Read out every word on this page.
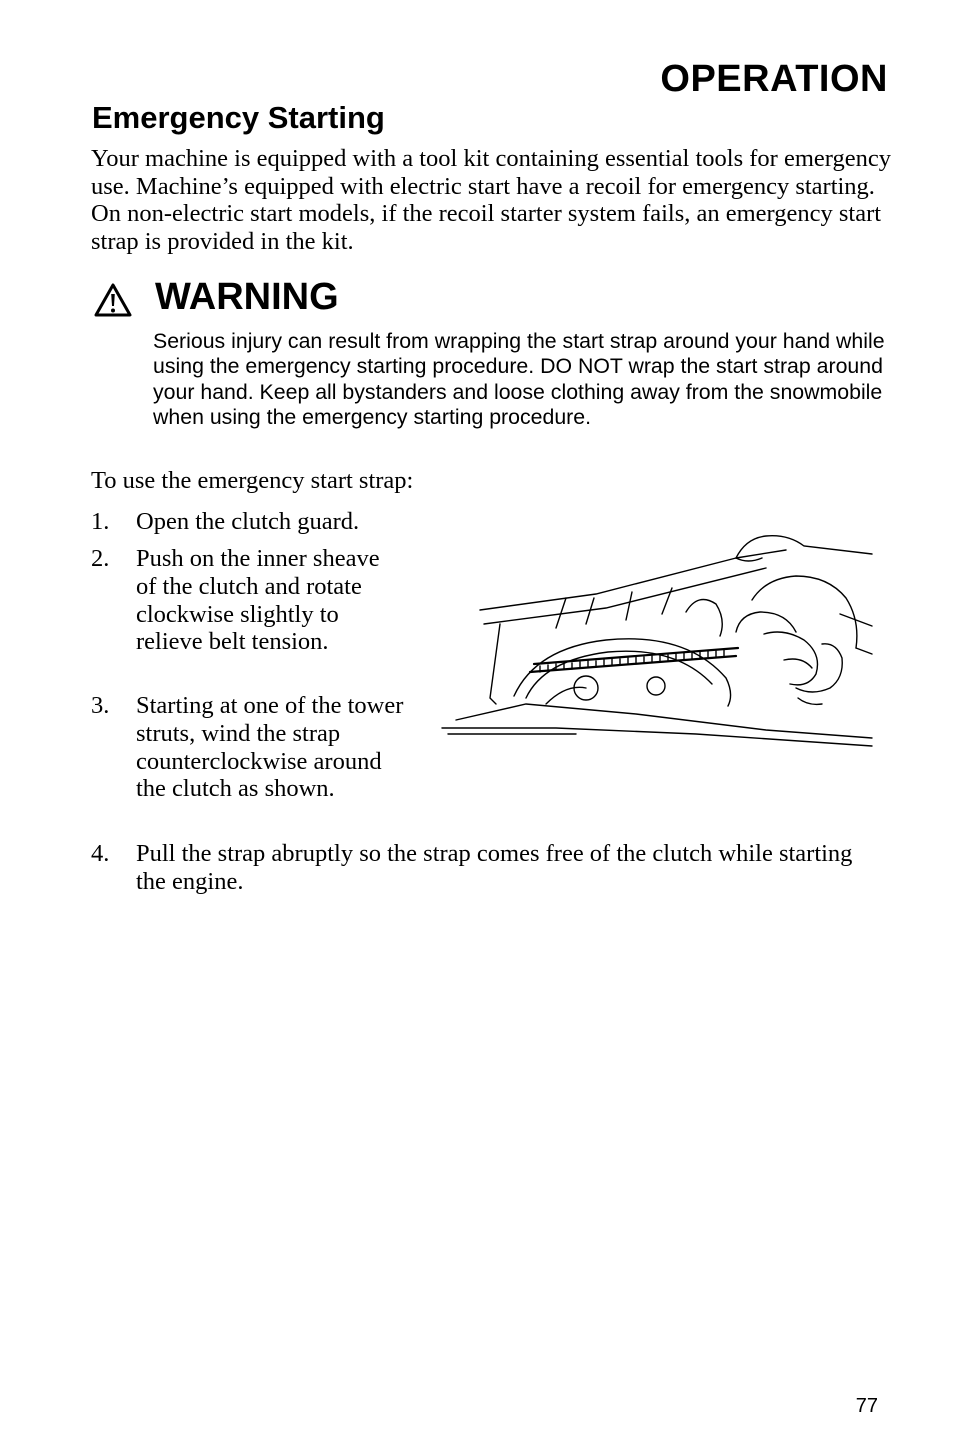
OPERATION
Emergency Starting
Your machine is equipped with a tool kit containing essential tools for emergency use. Machine’s equipped with electric start have a recoil for emergency starting. On non-electric start models, if the recoil starter system fails, an emergency start strap is provided in the kit.
WARNING
Serious injury can result from wrapping the start strap around your hand while using the emergency starting procedure. DO NOT wrap the start strap around your hand. Keep all bystanders and loose clothing away from the snowmobile when using the emergency starting procedure.
To use the emergency start strap:
1. Open the clutch guard.
2. Push on the inner sheave of the clutch and rotate clockwise slightly to relieve belt tension.
3. Starting at one of the tower struts, wind the strap counterclockwise around the clutch as shown.
4. Pull the strap abruptly so the strap comes free of the clutch while starting the engine.
77
